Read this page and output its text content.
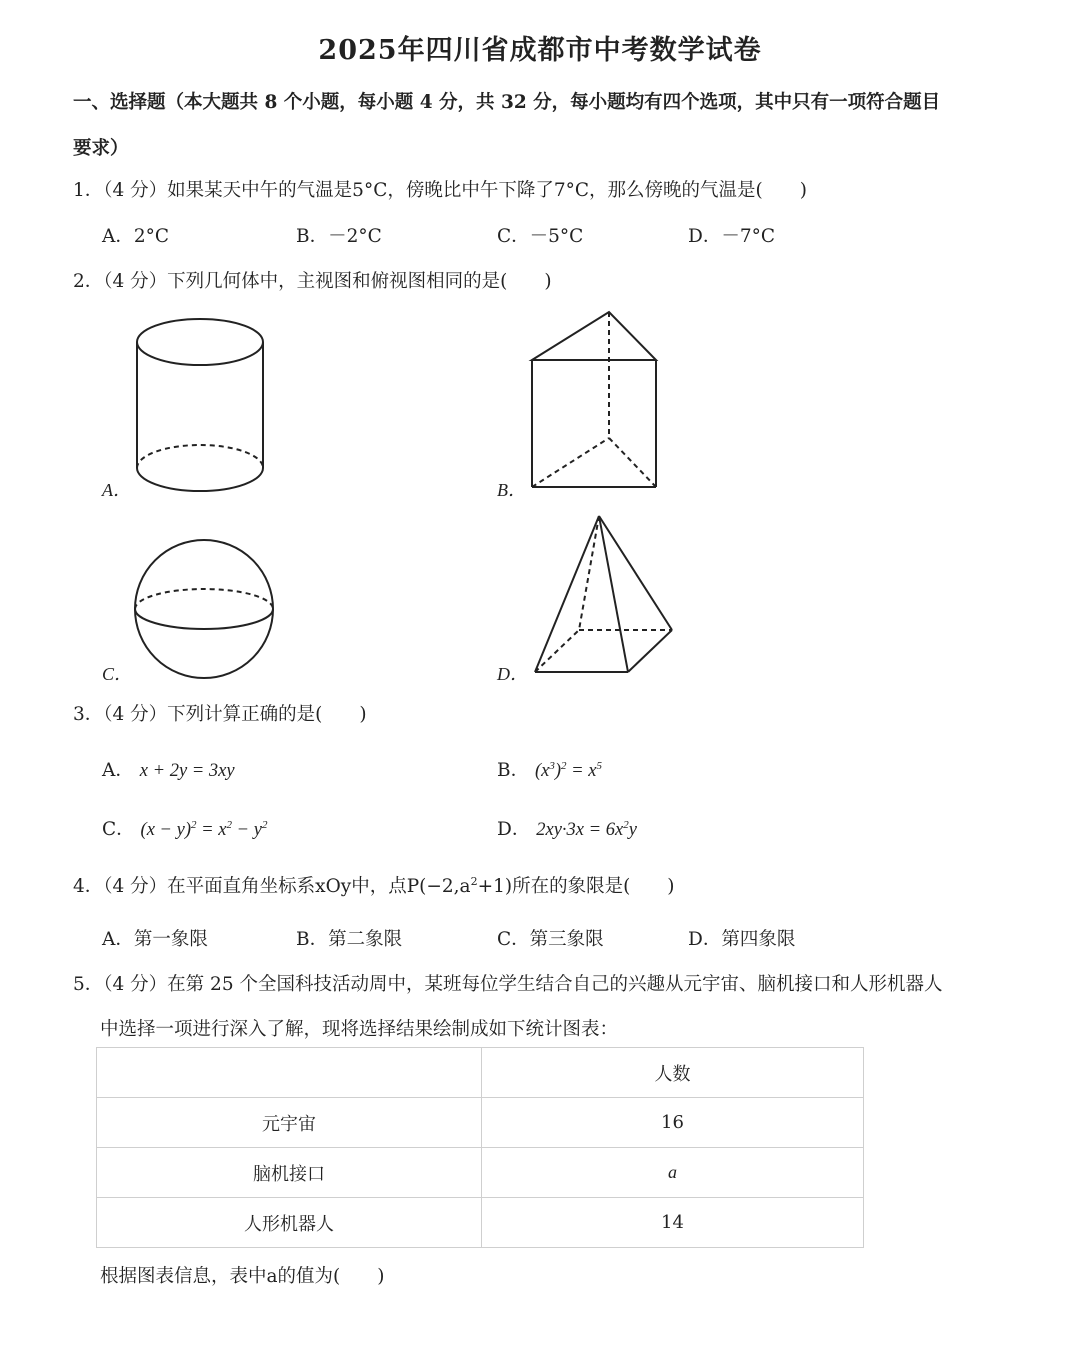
2025年四川省成都市中考数学试卷
一、选择题（本大题共 8 个小题，每小题 4 分，共 32 分，每小题均有四个选项，其中只有一项符合题目
要求）
1．（4 分）如果某天中午的气温是5°C，傍晚比中午下降了7°C，那么傍晚的气温是(　　)
A．2°C	B．－2°C	C．－5°C	D．－7°C
2．（4 分）下列几何体中，主视图和俯视图相同的是(　　)
A．	B．
C．	D．
3．（4 分）下列计算正确的是(　　)
A． x + 2y = 3xy	B． $(x^3)^2 = x^5$
C． $(x - y)^2 = x^2 - y^2$	D． $2xy\cdot 3x = 6x^2y$
4．（4 分）在平面直角坐标系xOy中，点$P(-2,a^2+1)$所在的象限是(　　)
A．第一象限	B．第二象限	C．第三象限	D．第四象限
5．（4 分）在第 25 个全国科技活动周中，某班每位学生结合自己的兴趣从元宇宙、脑机接口和人形机器人
中选择一项进行深入了解，现将选择结果绘制成如下统计图表：
	人数
元宇宙	16
脑机接口	a
人形机器人	14
根据图表信息，表中a的值为(　　)
